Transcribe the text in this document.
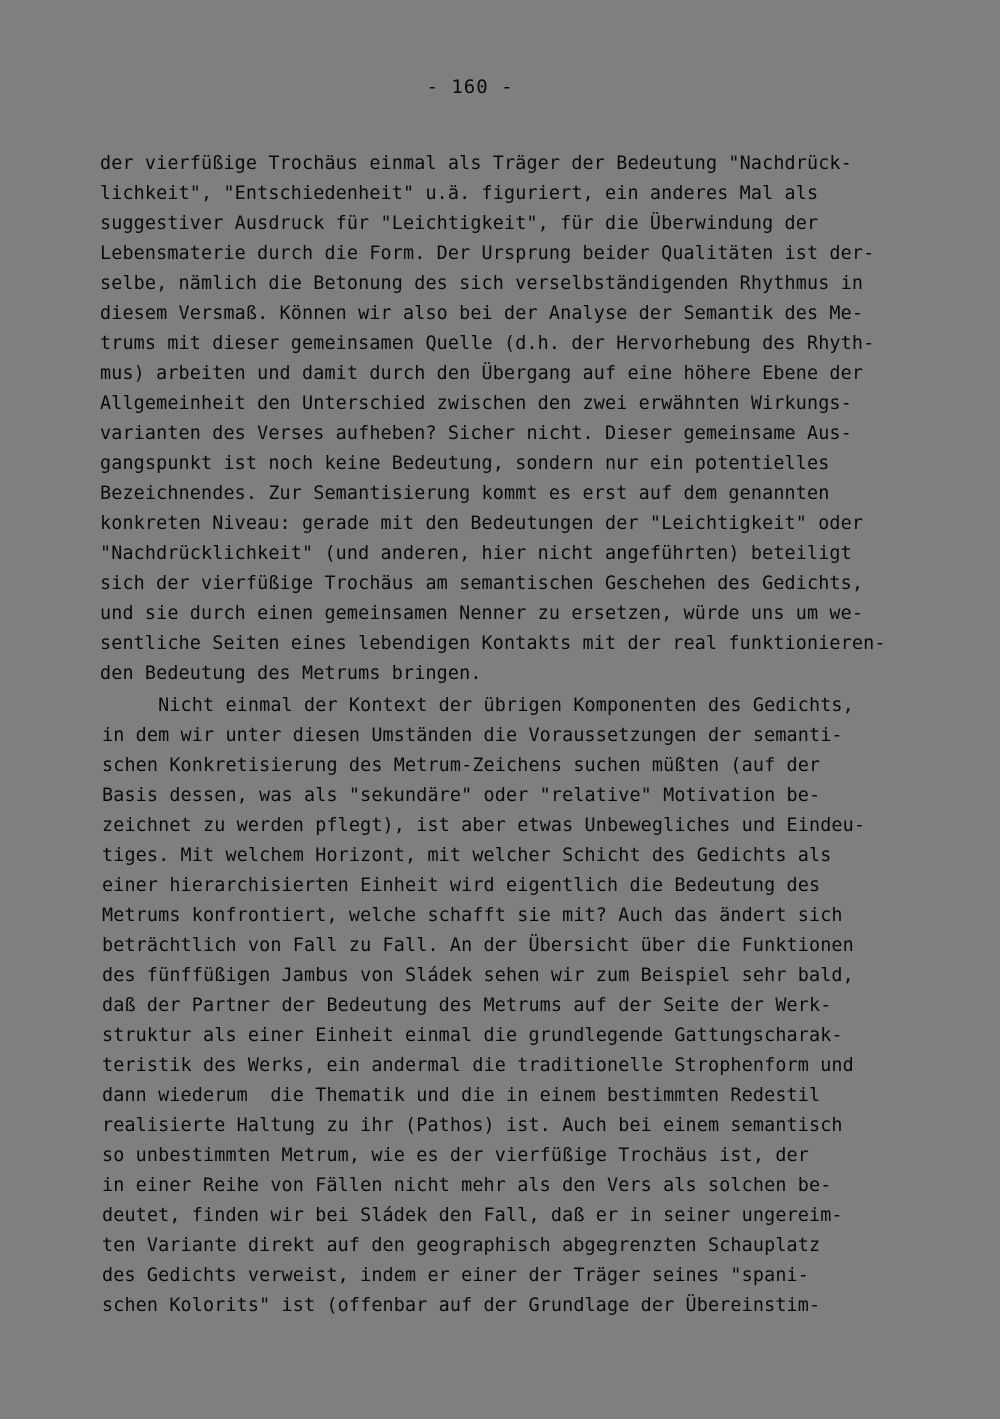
- 160 -
der vierfüßige Trochäus einmal als Träger der Bedeutung "Nachdrück-
lichkeit", "Entschiedenheit" u.ä. figuriert, ein anderes Mal als
suggestiver Ausdruck für "Leichtigkeit", für die Überwindung der
Lebensmaterie durch die Form. Der Ursprung beider Qualitäten ist der-
selbe, nämlich die Betonung des sich verselbständigenden Rhythmus in
diesem Versmaß. Können wir also bei der Analyse der Semantik des Me-
trums mit dieser gemeinsamen Quelle (d.h. der Hervorhebung des Rhyth-
mus) arbeiten und damit durch den Übergang auf eine höhere Ebene der
Allgemeinheit den Unterschied zwischen den zwei erwähnten Wirkungs-
varianten des Verses aufheben? Sicher nicht. Dieser gemeinsame Aus-
gangspunkt ist noch keine Bedeutung, sondern nur ein potentielles
Bezeichnendes. Zur Semantisierung kommt es erst auf dem genannten
konkreten Niveau: gerade mit den Bedeutungen der "Leichtigkeit" oder
"Nachdrücklichkeit" (und anderen, hier nicht angeführten) beteiligt
sich der vierfüßige Trochäus am semantischen Geschehen des Gedichts,
und sie durch einen gemeinsamen Nenner zu ersetzen, würde uns um we-
sentliche Seiten eines lebendigen Kontakts mit der real funktionieren-
den Bedeutung des Metrums bringen.
Nicht einmal der Kontext der übrigen Komponenten des Gedichts,
in dem wir unter diesen Umständen die Voraussetzungen der semanti-
schen Konkretisierung des Metrum-Zeichens suchen müßten (auf der
Basis dessen, was als "sekundäre" oder "relative" Motivation be-
zeichnet zu werden pflegt), ist aber etwas Unbewegliches und Eindeu-
tiges. Mit welchem Horizont, mit welcher Schicht des Gedichts als
einer hierarchisierten Einheit wird eigentlich die Bedeutung des
Metrums konfrontiert, welche schafft sie mit? Auch das ändert sich
beträchtlich von Fall zu Fall. An der Übersicht über die Funktionen
des fünffüßigen Jambus von Sládek sehen wir zum Beispiel sehr bald,
daß der Partner der Bedeutung des Metrums auf der Seite der Werk-
struktur als einer Einheit einmal die grundlegende Gattungscharak-
teristik des Werks, ein andermal die traditionelle Strophenform und
dann wiederum  die Thematik und die in einem bestimmten Redestil
realisierte Haltung zu ihr (Pathos) ist. Auch bei einem semantisch
so unbestimmten Metrum, wie es der vierfüßige Trochäus ist, der
in einer Reihe von Fällen nicht mehr als den Vers als solchen be-
deutet, finden wir bei Sládek den Fall, daß er in seiner ungereim-
ten Variante direkt auf den geographisch abgegrenzten Schauplatz
des Gedichts verweist, indem er einer der Träger seines "spani-
schen Kolorits" ist (offenbar auf der Grundlage der Übereinstim-
